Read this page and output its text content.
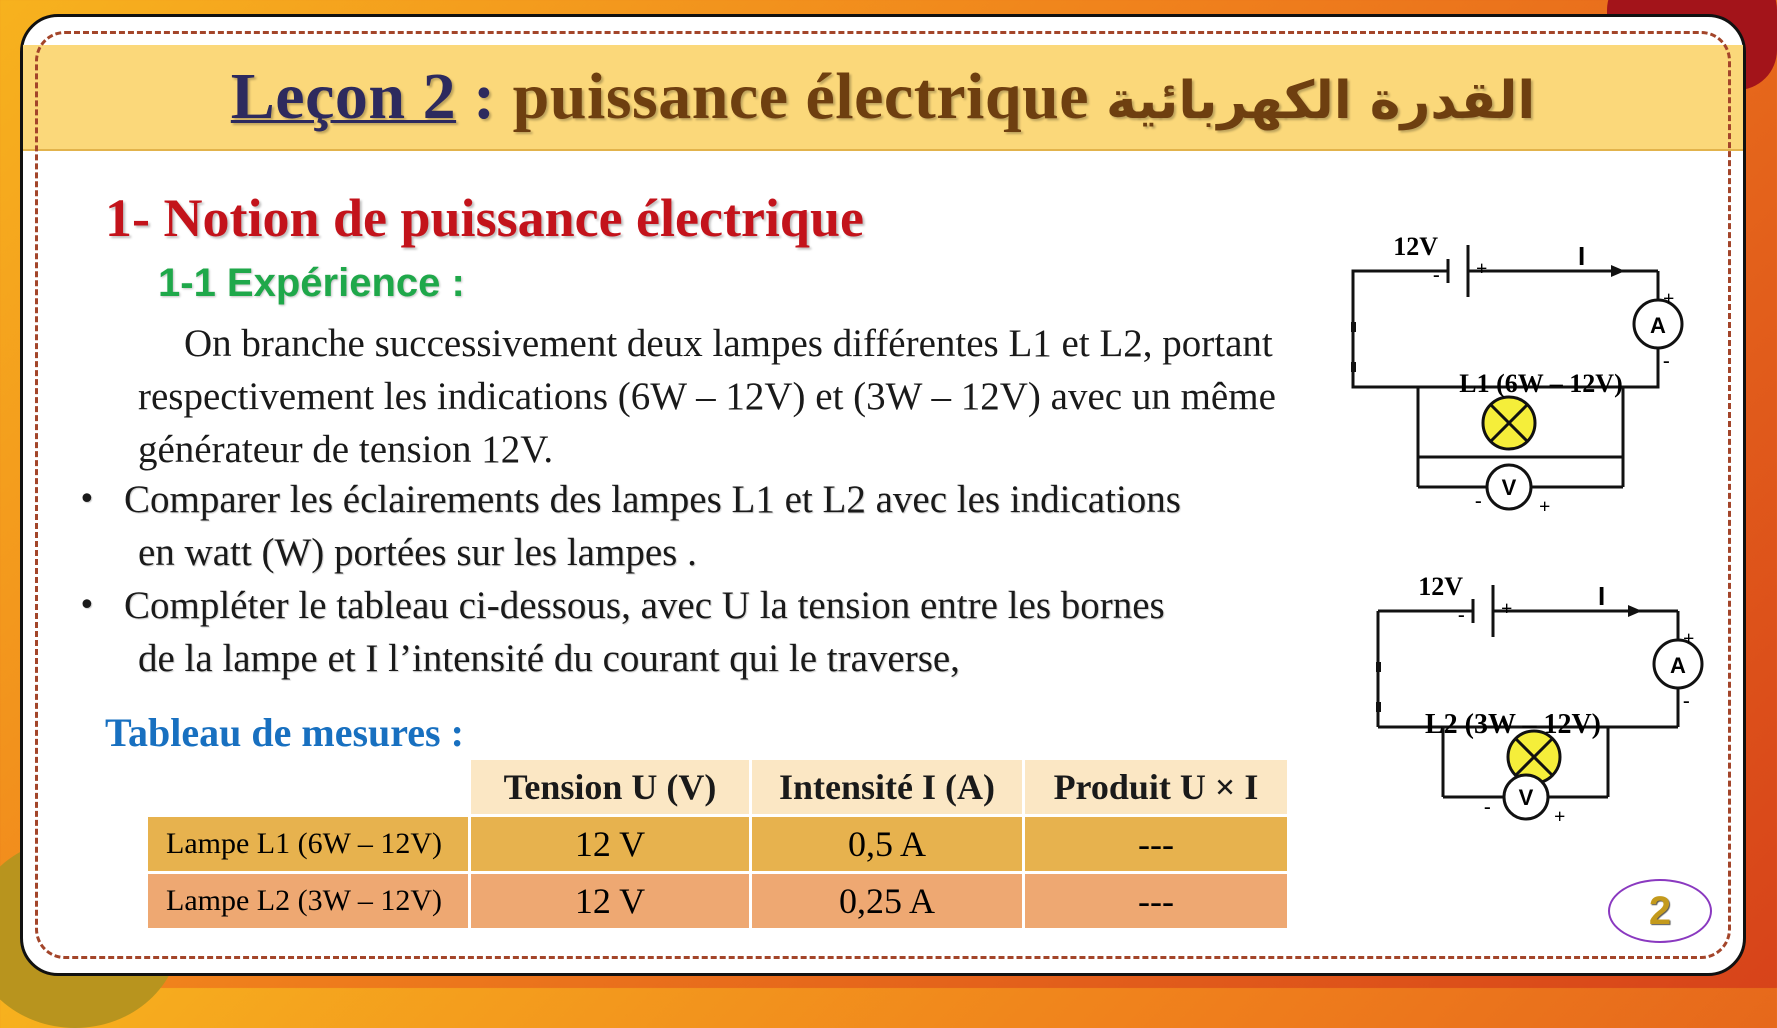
Leçon 2 : puissance électrique القدرة الكهربائية
1- Notion de puissance électrique
1-1 Expérience :
On branche successivement deux lampes différentes L1 et L2, portant respectivement les indications (6W – 12V) et (3W – 12V) avec un même générateur de tension 12V.
• Comparer les éclairements des lampes L1 et L2 avec les indications
en watt (W) portées sur les lampes .
• Compléter le tableau ci-dessous, avec U la tension entre les bornes
de la lampe et I l’intensité du courant qui le traverse,
Tableau de mesures :
	Tension U (V)	Intensité I (A)	Produit U × I
Lampe L1 (6W – 12V)	12 V	0,5 A	---
Lampe L2 (3W – 12V)	12 V	0,25 A	---
A
V
12V
+
-
I
+
-
L1 (6W – 12V)
-	+
A
V
12V
+
-
I
+
-
L2 (3W – 12V)
-	+
2
